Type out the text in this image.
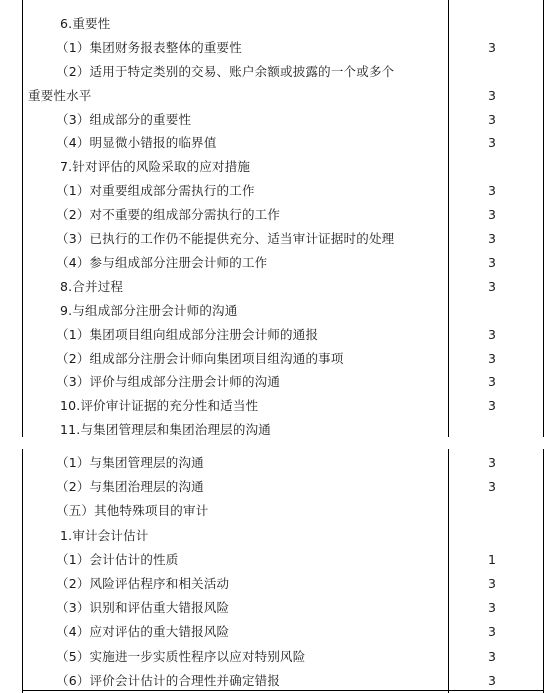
6.重要性
（1）集团财务报表整体的重要性	3
（2）适用于特定类别的交易、账户余额或披露的一个或多个
重要性水平	3
（3）组成部分的重要性	3
（4）明显微小错报的临界值	3
7.针对评估的风险采取的应对措施
（1）对重要组成部分需执行的工作	3
（2）对不重要的组成部分需执行的工作	3
（3）已执行的工作仍不能提供充分、适当审计证据时的处理	3
（4）参与组成部分注册会计师的工作	3
8.合并过程	3
9.与组成部分注册会计师的沟通
（1）集团项目组向组成部分注册会计师的通报	3
（2）组成部分注册会计师向集团项目组沟通的事项	3
（3）评价与组成部分注册会计师的沟通	3
10.评价审计证据的充分性和适当性	3
11.与集团管理层和集团治理层的沟通
（1）与集团管理层的沟通	3
（2）与集团治理层的沟通	3
（五）其他特殊项目的审计
1.审计会计估计
（1）会计估计的性质	1
（2）风险评估程序和相关活动	3
（3）识别和评估重大错报风险	3
（4）应对评估的重大错报风险	3
（5）实施进一步实质性程序以应对特别风险	3
（6）评价会计估计的合理性并确定错报	3
